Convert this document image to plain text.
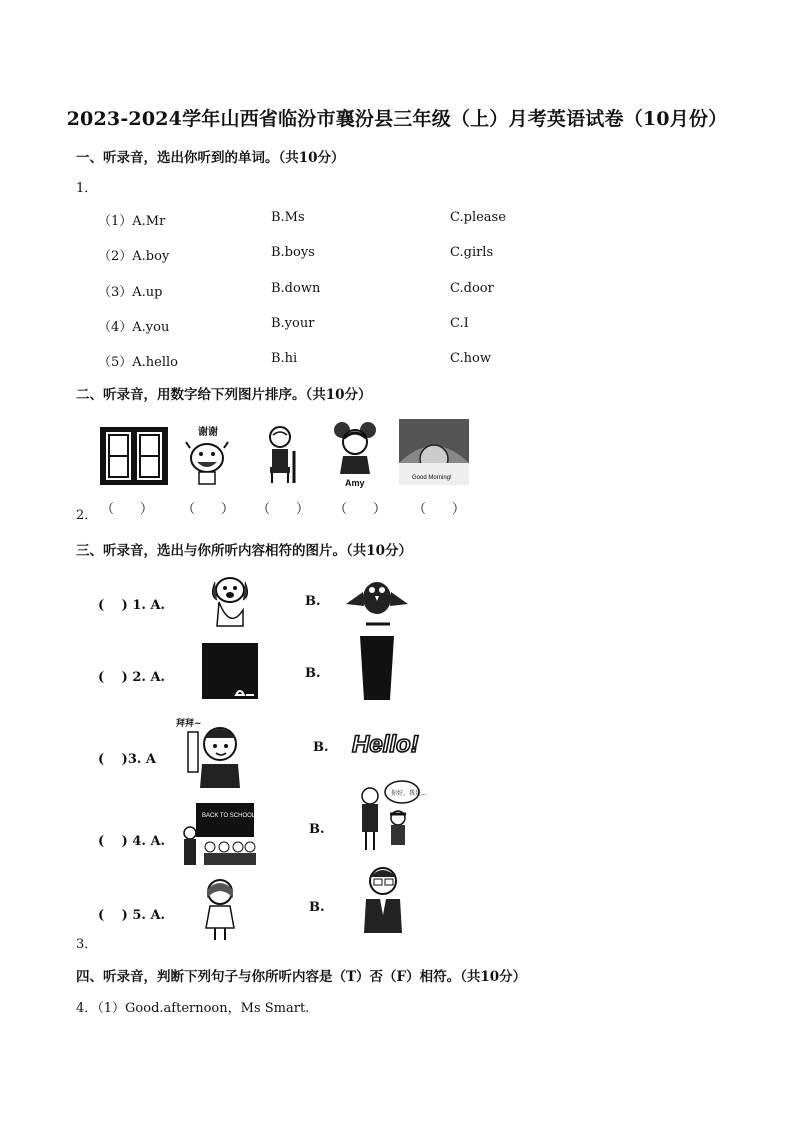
2023-2024学年山西省临汾市襄汾县三年级（上）月考英语试卷（10月份）
一、听录音，选出你听到的单词。（共10分）
1．
（1）A.Mr	B.Ms	C.please
（2）A.boy	B.boys	C.girls
（3）A.up	B.down	C.door
（4）A.you	B.your	C.I
（5）A.hello	B.hi	C.how
二、听录音，用数字给下列图片排序。（共10分）
谢谢
Amy	Good Morning!
2． （　　） （　　） （　　） （　　） （　　）
三、听录音，选出与你所听内容相符的图片。（共10分）
(　 ) 1. A.	B.
(　 ) 2. A.	B.
(　 )3. A
拜拜~
B. Hello!
(　 ) 4. A.
BACK TO SCHOOL
B.
你好，我是...
(　 ) 5. A.
B.
3．
四、听录音，判断下列句子与你所听内容是（T）否（F）相符。（共10分）
4．（1）Good.afternoon，Ms Smart.
